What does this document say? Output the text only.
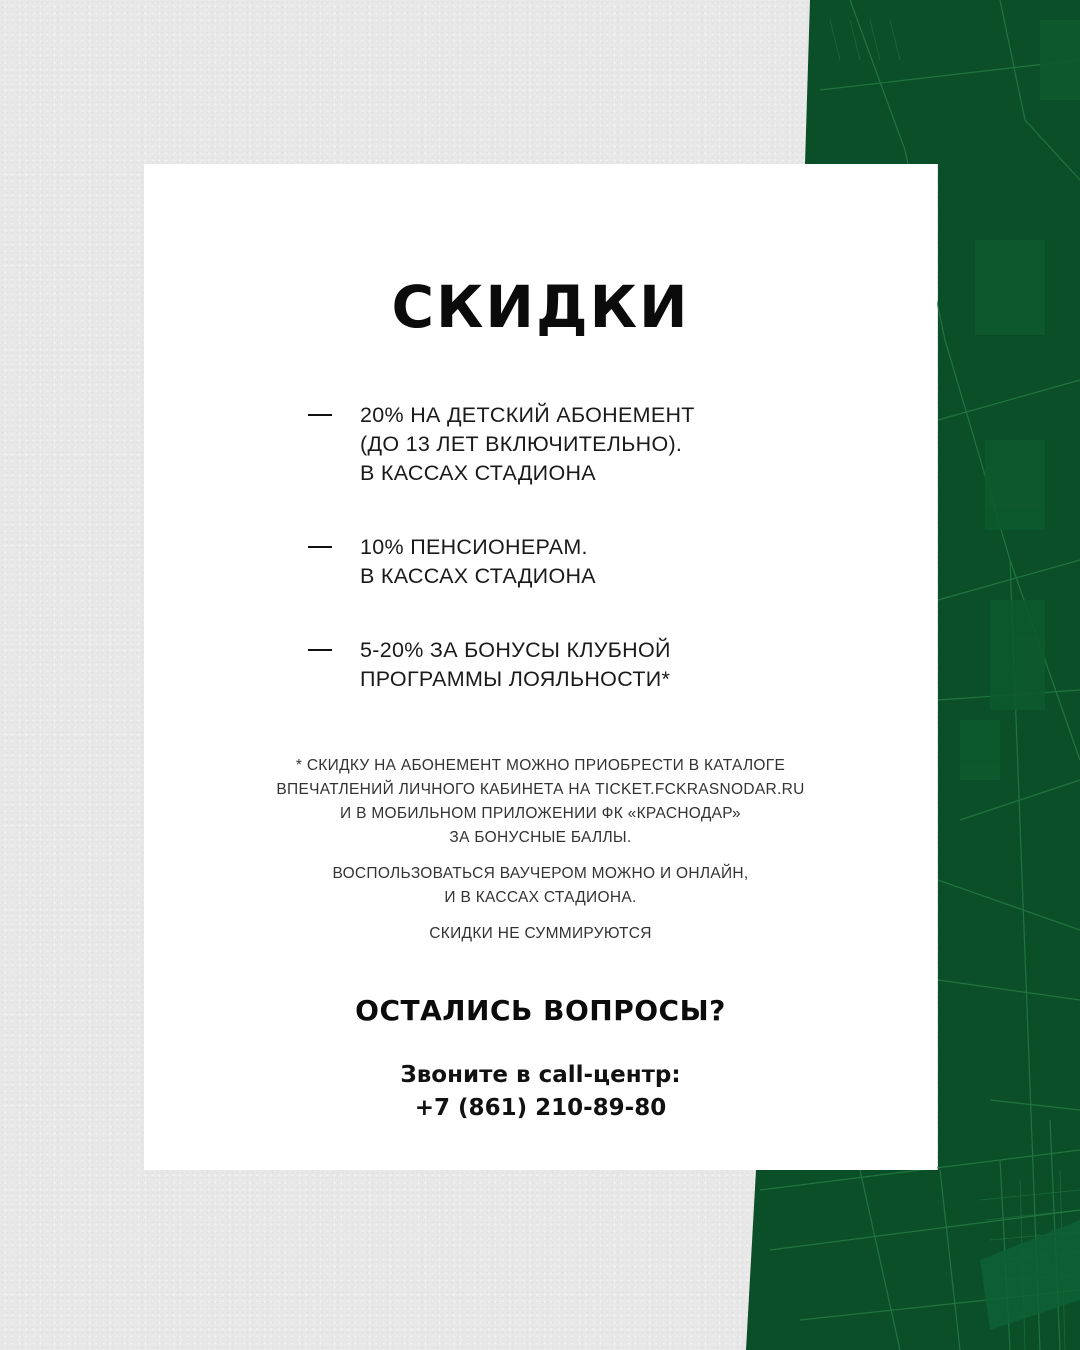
СКИДКИ

20% НА ДЕТСКИЙ АБОНЕМЕНТ
(ДО 13 ЛЕТ ВКЛЮЧИТЕЛЬНО).
В КАССАХ СТАДИОНА

10% ПЕНСИОНЕРАМ.
В КАССАХ СТАДИОНА

5-20% ЗА БОНУСЫ КЛУБНОЙ
ПРОГРАММЫ ЛОЯЛЬНОСТИ*

* СКИДКУ НА АБОНЕМЕНТ МОЖНО ПРИОБРЕСТИ В КАТАЛОГЕ
ВПЕЧАТЛЕНИЙ ЛИЧНОГО КАБИНЕТА НА TICKET.FCKRASNODAR.RU
И В МОБИЛЬНОМ ПРИЛОЖЕНИИ ФК «КРАСНОДАР»
ЗА БОНУСНЫЕ БАЛЛЫ.

ВОСПОЛЬЗОВАТЬСЯ ВАУЧЕРОМ МОЖНО И ОНЛАЙН,
И В КАССАХ СТАДИОНА.

СКИДКИ НЕ СУММИРУЮТСЯ

ОСТАЛИСЬ ВОПРОСЫ?

Звоните в call-центр:

+7 (861) 210-89-80
